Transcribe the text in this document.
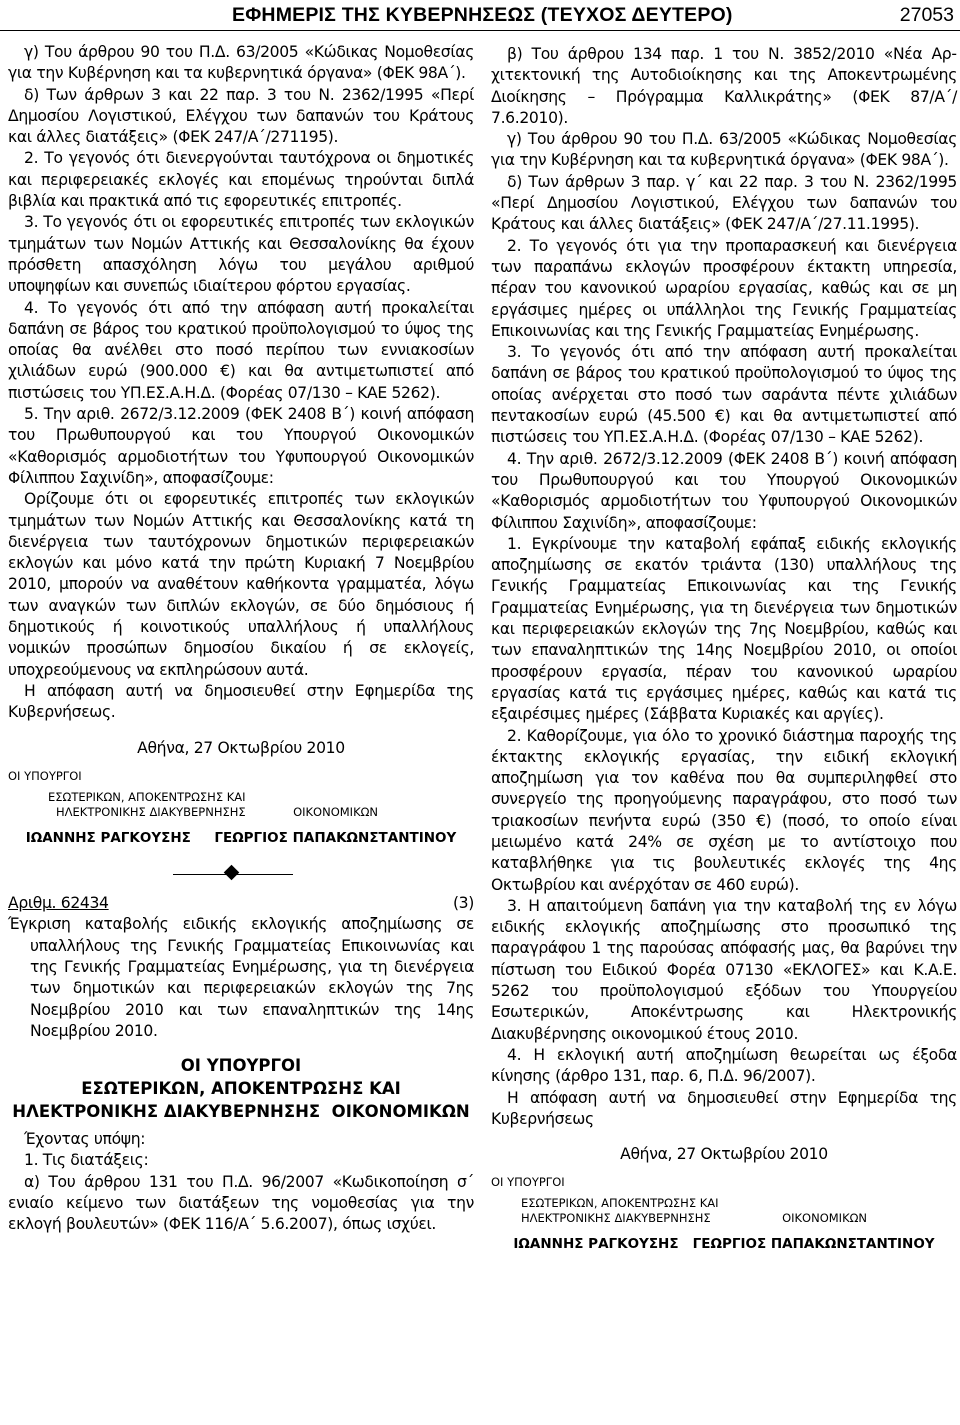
ΕΦΗΜΕΡΙΣ ΤΗΣ ΚΥΒΕΡΝΗΣΕΩΣ (ΤΕΥΧΟΣ ΔΕΥΤΕΡΟ)	27053

γ) Του άρθρου 90 του Π.Δ. 63/2005 «Κώδικας Νομοθεσίας για την Κυβέρνηση και τα κυβερνητικά όργανα» (ΦΕΚ 98Α΄).

δ) Των άρθρων 3 και 22 παρ. 3 του Ν. 2362/1995 «Περί Δημοσίου Λογιστικού, Ελέγχου των δαπανών του Κράτους και άλλες διατάξεις» (ΦΕΚ 247/Α΄/271195).

2. Το γεγονός ότι διενεργούνται ταυτόχρονα οι δημοτικές και περιφερειακές εκλογές και επομένως τηρούνται διπλά βιβλία και πρακτικά από τις εφορευτικές επιτροπές.

3. Το γεγονός ότι οι εφορευτικές επιτροπές των εκλογικών τμημάτων των Νομών Αττικής και Θεσσαλονίκης θα έχουν πρόσθετη απασχόληση λόγω του μεγάλου αριθμού υποψηφίων και συνεπώς ιδιαίτερου φόρτου εργασίας.

4. Το γεγονός ότι από την απόφαση αυτή προκαλείται δαπάνη σε βάρος του κρατικού προϋπολογισμού το ύψος της οποίας θα ανέλθει στο ποσό περίπου των εννιακοσίων χιλιάδων ευρώ (900.000 €) και θα αντιμετωπιστεί από πιστώσεις του ΥΠ.ΕΣ.Α.Η.Δ. (Φορέας 07/130 – ΚΑΕ 5262).

5. Την αριθ. 2672/3.12.2009 (ΦΕΚ 2408 Β΄) κοινή απόφαση του Πρωθυπουργού και του Υπουργού Οικονομικών «Καθορισμός αρμοδιοτήτων του Υφυπουργού Οικονομικών Φίλιππου Σαχινίδη», αποφασίζουμε:

Ορίζουμε ότι οι εφορευτικές επιτροπές των εκλογικών τμημάτων των Νομών Αττικής και Θεσσαλονίκης κατά τη διενέργεια των ταυτόχρονων δημοτικών περιφερειακών εκλογών και μόνο κατά την πρώτη Κυριακή 7 Νοεμβρίου 2010, μπορούν να αναθέτουν καθήκοντα γραμματέα, λόγω των αναγκών των διπλών εκλογών, σε δύο δημόσιους ή δημοτικούς ή κοινοτικούς υπαλλήλους ή υπαλλήλους νομικών προσώπων δημοσίου δικαίου ή σε εκλογείς, υποχρεούμενους να εκπληρώσουν αυτά.

Η απόφαση αυτή να δημοσιευθεί στην Εφημερίδα της Κυβερνήσεως.

Αθήνα, 27 Οκτωβρίου 2010

ΟΙ ΥΠΟΥΡΓΟΙ

ΕΣΩΤΕΡΙΚΩΝ, ΑΠΟΚΕΝΤΡΩΣΗΣ ΚΑΙ

ΗΛΕΚΤΡΟΝΙΚΗΣ ΔΙΑΚΥΒΕΡΝΗΣΗΣ	ΟΙΚΟΝΟΜΙΚΩΝ

ΙΩΑΝΝΗΣ ΡΑΓΚΟΥΣΗΣ     ΓΕΩΡΓΙΟΣ ΠΑΠΑΚΩΝΣΤΑΝΤΙΝΟΥ

Αριθμ. 62434	(3)

Έγκριση καταβολής ειδικής εκλογικής αποζημίωσης σε υπαλλήλους της Γενικής Γραμματείας Επικοινωνίας και της Γενικής Γραμματείας Ενημέρωσης, για τη διενέργεια των δημοτικών και περιφερειακών εκλογών της 7ης Νοεμβρίου 2010 και των επαναληπτικών της 14ης Νοεμβρίου 2010.

ΟΙ ΥΠΟΥΡΓΟΙ

ΕΣΩΤΕΡΙΚΩΝ, ΑΠΟΚΕΝΤΡΩΣΗΣ ΚΑΙ

ΗΛΕΚΤΡΟΝΙΚΗΣ ΔΙΑΚΥΒΕΡΝΗΣΗΣ ΟΙΚΟΝΟΜΙΚΩΝ

Έχοντας υπόψη:

1. Τις διατάξεις:

α) Του άρθρου 131 του Π.Δ. 96/2007 «Κωδικοποίηση σ΄ ενιαίο κείμενο των διατάξεων της νομοθεσίας για την εκλογή βουλευτών» (ΦΕΚ 116/Α΄ 5.6.2007), όπως ισχύει.

β) Του άρθρου 134 παρ. 1 του Ν. 3852/2010 «Νέα Αρχιτεκτονική της Αυτοδιοίκησης και της Αποκεντρωμένης Διοίκησης – Πρόγραμμα Καλλικράτης» (ΦΕΚ 87/Α΄/ 7.6.2010).

γ) Του άρθρου 90 του Π.Δ. 63/2005 «Κώδικας Νομοθεσίας για την Κυβέρνηση και τα κυβερνητικά όργανα» (ΦΕΚ 98Α΄).

δ) Των άρθρων 3 παρ. γ΄ και 22 παρ. 3 του Ν. 2362/1995 «Περί Δημοσίου Λογιστικού, Ελέγχου των δαπανών του Κράτους και άλλες διατάξεις» (ΦΕΚ 247/Α΄/27.11.1995).

2. Το γεγονός ότι για την προπαρασκευή και διενέργεια των παραπάνω εκλογών προσφέρουν έκτακτη υπηρεσία, πέραν του κανονικού ωραρίου εργασίας, καθώς και σε μη εργάσιμες ημέρες οι υπάλληλοι της Γενικής Γραμματείας Επικοινωνίας και της Γενικής Γραμματείας Ενημέρωσης.

3. Το γεγονός ότι από την απόφαση αυτή προκαλείται δαπάνη σε βάρος του κρατικού προϋπολογισμού το ύψος της οποίας ανέρχεται στο ποσό των σαράντα πέντε χιλιάδων πεντακοσίων ευρώ (45.500 €) και θα αντιμετωπιστεί από πιστώσεις του ΥΠ.ΕΣ.Α.Η.Δ. (Φορέας 07/130 – ΚΑΕ 5262).

4. Την αριθ. 2672/3.12.2009 (ΦΕΚ 2408 Β΄) κοινή απόφαση του Πρωθυπουργού και του Υπουργού Οικονομικών «Καθορισμός αρμοδιοτήτων του Υφυπουργού Οικονομικών Φίλιππου Σαχινίδη», αποφασίζουμε:

1. Εγκρίνουμε την καταβολή εφάπαξ ειδικής εκλογικής αποζημίωσης σε εκατόν τριάντα (130) υπαλλήλους της Γενικής Γραμματείας Επικοινωνίας και της Γενικής Γραμματείας Ενημέρωσης, για τη διενέργεια των δημοτικών και περιφερειακών εκλογών της 7ης Νοεμβρίου, καθώς και των επαναληπτικών της 14ης Νοεμβρίου 2010, οι οποίοι προσφέρουν εργασία, πέραν του κανονικού ωραρίου εργασίας κατά τις εργάσιμες ημέρες, καθώς και κατά τις εξαιρέσιμες ημέρες (Σάββατα Κυριακές και αργίες).

2. Καθορίζουμε, για όλο το χρονικό διάστημα παροχής της έκτακτης εκλογικής εργασίας, την ειδική εκλογική αποζημίωση για τον καθένα που θα συμπεριληφθεί στο συνεργείο της προηγούμενης παραγράφου, στο ποσό των τριακοσίων πενήντα ευρώ (350 €) (ποσό, το οποίο είναι μειωμένο κατά 24% σε σχέση με το αντίστοιχο που καταβλήθηκε για τις βουλευτικές εκλογές της 4ης Οκτωβρίου και ανέρχόταν σε 460 ευρώ).

3. Η απαιτούμενη δαπάνη για την καταβολή της εν λόγω ειδικής εκλογικής αποζημίωσης στο προσωπικό της παραγράφου 1 της παρούσας απόφασής μας, θα βαρύνει την πίστωση του Ειδικού Φορέα 07130 «ΕΚΛΟΓΕΣ» και Κ.Α.Ε. 5262 του προϋπολογισμού εξόδων του Υπουργείου Εσωτερικών, Αποκέντρωσης και Ηλεκτρονικής Διακυβέρνησης οικονομικού έτους 2010.

4. Η εκλογική αυτή αποζημίωση θεωρείται ως έξοδα κίνησης (άρθρο 131, παρ. 6, Π.Δ. 96/2007).

Η απόφαση αυτή να δημοσιευθεί στην Εφημερίδα της Κυβερνήσεως

Αθήνα, 27 Οκτωβρίου 2010

ΟΙ ΥΠΟΥΡΓΟΙ

ΕΣΩΤΕΡΙΚΩΝ, ΑΠΟΚΕΝΤΡΩΣΗΣ ΚΑΙ

ΗΛΕΚΤΡΟΝΙΚΗΣ ΔΙΑΚΥΒΕΡΝΗΣΗΣ	ΟΙΚΟΝΟΜΙΚΩΝ

ΙΩΑΝΝΗΣ ΡΑΓΚΟΥΣΗΣ   ΓΕΩΡΓΙΟΣ ΠΑΠΑΚΩΝΣΤΑΝΤΙΝΟΥ
